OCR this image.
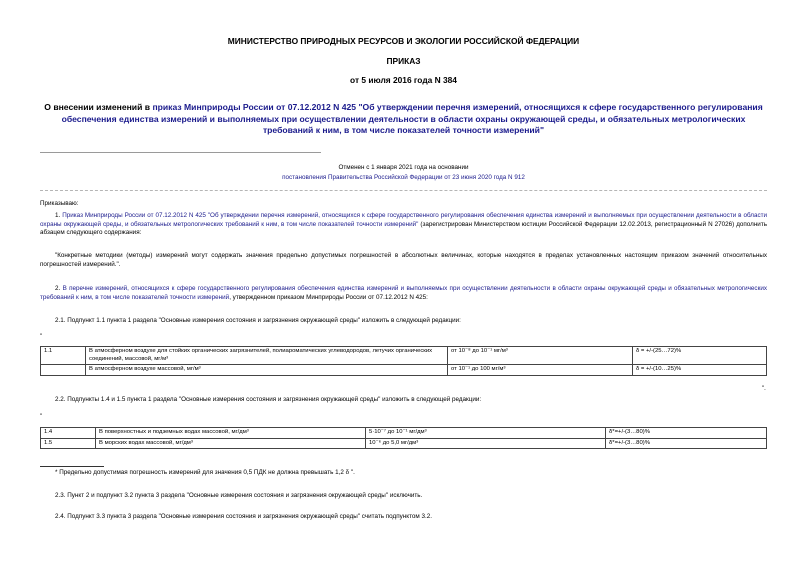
МИНИСТЕРСТВО ПРИРОДНЫХ РЕСУРСОВ И ЭКОЛОГИИ РОССИЙСКОЙ ФЕДЕРАЦИИ
ПРИКАЗ
от 5 июля 2016 года N 384
О внесении изменений в приказ Минприроды России от 07.12.2012 N 425 "Об утверждении перечня измерений, относящихся к сфере государственного регулирования обеспечения единства измерений и выполняемых при осуществлении деятельности в области охраны окружающей среды, и обязательных метрологических требований к ним, в том числе показателей точности измерений"
Отменен с 1 января 2021 года на основании
постановления Правительства Российской Федерации от 23 июня 2020 года N 912
Приказываю:
1. Приказ Минприроды России от 07.12.2012 N 425 "Об утверждении перечня измерений, относящихся к сфере государственного регулирования обеспечения единства измерений и выполняемых при осуществлении деятельности в области охраны окружающей среды, и обязательных метрологических требований к ним, в том числе показателей точности измерений" (зарегистрирован Министерством юстиции Российской Федерации 12.02.2013, регистрационный N 27026) дополнить абзацем следующего содержания:
"Конкретные методики (методы) измерений могут содержать значения предельно допустимых погрешностей в абсолютных величинах, которые находятся в пределах установленных настоящим приказом значений относительных погрешностей измерений.".
2. В перечне измерений, относящихся к сфере государственного регулирования обеспечения единства измерений и выполняемых при осуществлении деятельности в области охраны окружающей среды и обязательных метрологических требований к ним, в том числе показателей точности измерений, утвержденном приказом Минприроды России от 07.12.2012 N 425:
2.1. Подпункт 1.1 пункта 1 раздела "Основные измерения состояния и загрязнения окружающей среды" изложить в следующей редакции:
"
1.1	В атмосферном воздухе для стойких органических загрязнителей, полиароматических углеводородов, летучих органических соединений, массовой, мг/м³	от 10⁻⁸ до 10⁻¹ мг/м³	δ = +/-(25…72)%
	В атмосферном воздухе массовой, мг/м³	от 10⁻¹ до 100 мг/м³	δ = +/-(10…25)%
".
2.2. Подпункты 1.4 и 1.5 пункта 1 раздела "Основные измерения состояния и загрязнения окружающей среды" изложить в следующей редакции:
"
1.4	В поверхностных и подземных водах массовой, мг/дм³	5·10⁻⁷ до 10⁻¹ мг/дм³	δ*=+/-(3…80)%
1.5	В морских водах массовой, мг/дм³	10⁻⁶ до 5,0 мг/дм³	δ*=+/-(3…80)%
* Предельно допустимая погрешность измерений для значения 0,5 ПДК не должна превышать 1,2 δ ".
2.3. Пункт 2 и подпункт 3.2 пункта 3 раздела "Основные измерения состояния и загрязнения окружающей среды" исключить.
2.4. Подпункт 3.3 пункта 3 раздела "Основные измерения состояния и загрязнения окружающей среды" считать подпунктом 3.2.
